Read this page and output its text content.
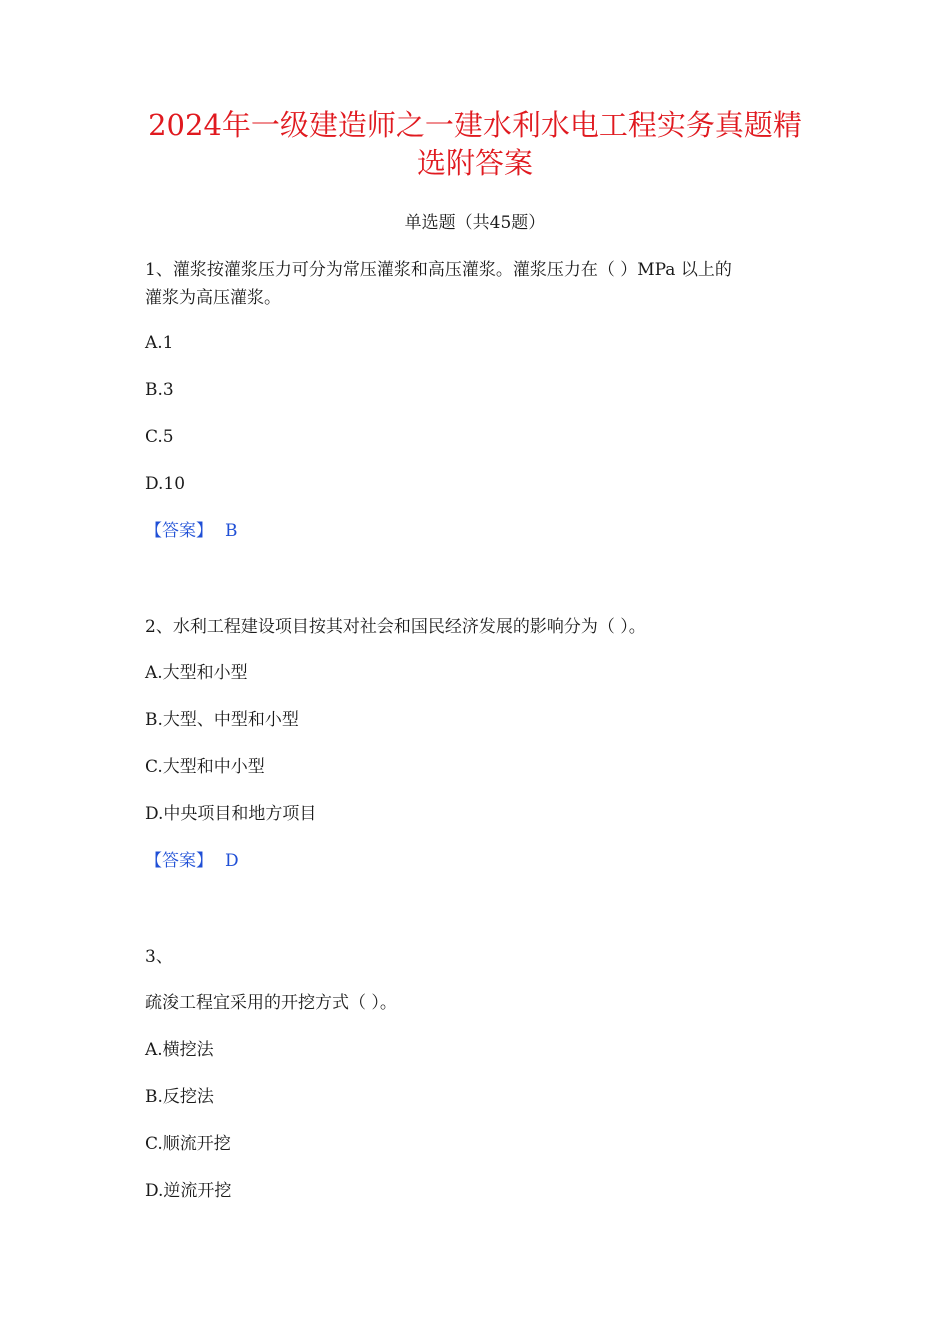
2024年一级建造师之一建水利水电工程实务真题精
选附答案
单选题（共45题）
1、灌浆按灌浆压力可分为常压灌浆和高压灌浆。灌浆压力在（ ）MPa 以上的
灌浆为高压灌浆。
A.1
B.3
C.5
D.10
【答案】 B
2、水利工程建设项目按其对社会和国民经济发展的影响分为（ ）。
A.大型和小型
B.大型、中型和小型
C.大型和中小型
D.中央项目和地方项目
【答案】 D
3、
疏浚工程宜采用的开挖方式（ ）。
A.横挖法
B.反挖法
C.顺流开挖
D.逆流开挖
